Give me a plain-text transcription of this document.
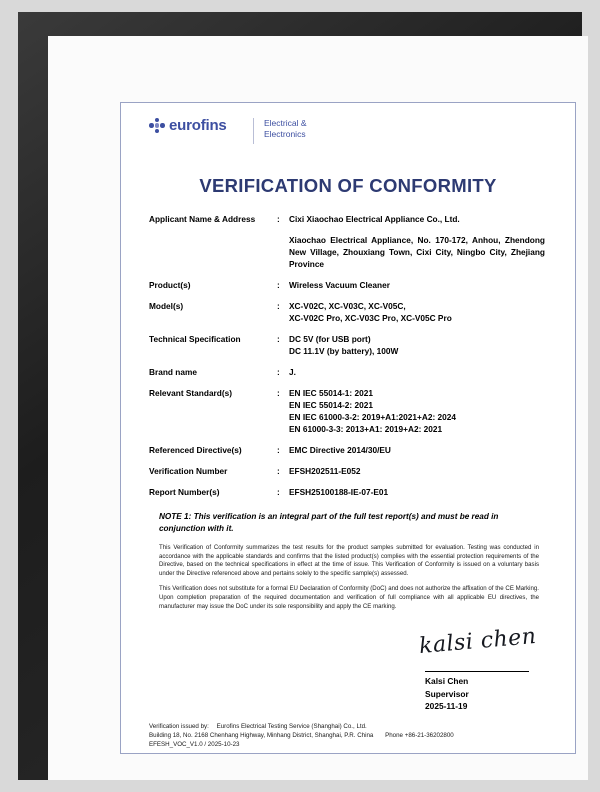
eurofins	Electrical &
Electronics
VERIFICATION OF CONFORMITY
Applicant Name & Address	:	Cixi Xiaochao Electrical Appliance Co., Ltd.
Xiaochao Electrical Appliance, No. 170-172, Anhou, Zhendong New Village, Zhouxiang Town, Cixi City, Ningbo City, Zhejiang Province

Product(s)	:	Wireless Vacuum Cleaner

Model(s)	:	XC-V02C, XC-V03C, XC-V05C,
XC-V02C Pro, XC-V03C Pro, XC-V05C Pro

Technical Specification	:	DC 5V (for USB port)
DC 11.1V (by battery), 100W

Brand name	:	J.

Relevant Standard(s)	:	EN IEC 55014-1: 2021
EN IEC 55014-2: 2021
EN IEC 61000-3-2: 2019+A1:2021+A2: 2024
EN 61000-3-3: 2013+A1: 2019+A2: 2021

Referenced Directive(s)	:	EMC Directive 2014/30/EU

Verification Number	:	EFSH202511-E052

Report Number(s)	:	EFSH25100188-IE-07-E01
NOTE 1: This verification is an integral part of the full test report(s) and must be read in conjunction with it.

This Verification of Conformity summarizes the test results for the product samples submitted for evaluation. Testing was conducted in accordance with the applicable standards and confirms that the listed product(s) complies with the essential protection requirements of the Directive, based on the technical specifications in effect at the time of issue. This Verification of Conformity is issued on a voluntary basis under the Directive referenced above and pertains solely to the specific sample(s) assessed.

This Verification does not substitute for a formal EU Declaration of Conformity (DoC) and does not authorize the affixation of the CE Marking. Upon completion preparation of the required documentation and verification of full compliance with all applicable EU directives, the manufacturer may issue the DoC under its sole responsibility and apply the CE marking.

kalsi chen
Kalsi Chen
Supervisor
2025-11-19
Verification issued by: Eurofins Electrical Testing Service (Shanghai) Co., Ltd.
Building 18, No. 2168 Chenhang Highway, Minhang District, Shanghai, P.R. China Phone +86-21-36202800
EFESH_VOC_V1.0 / 2025-10-23
